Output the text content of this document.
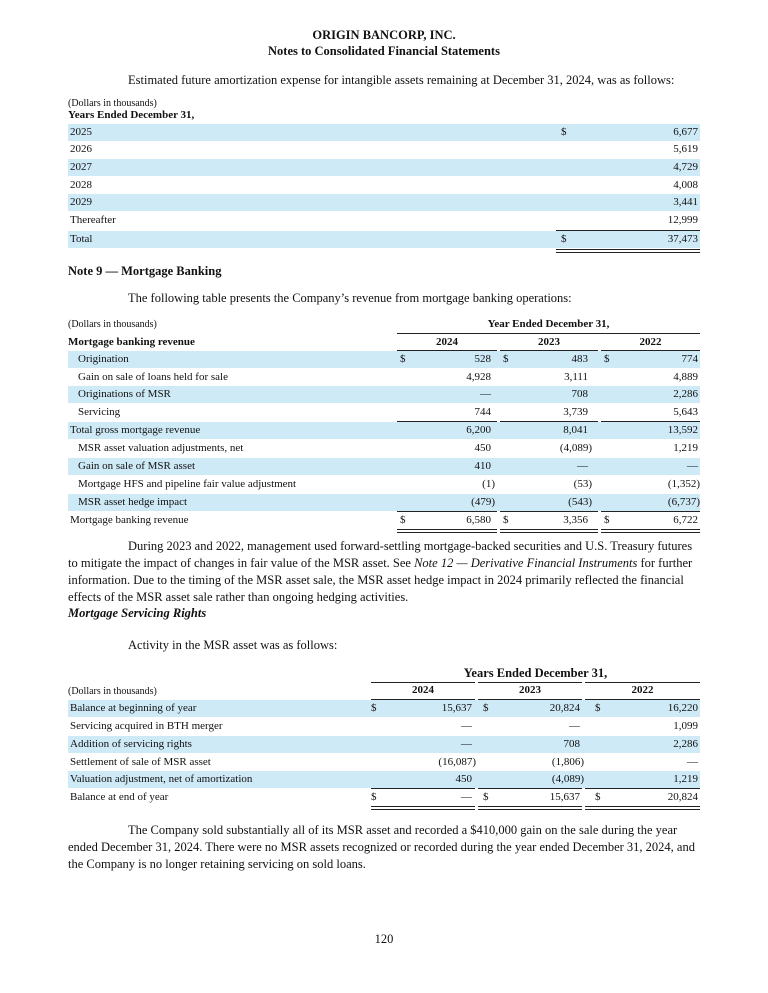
ORIGIN BANCORP, INC.
Notes to Consolidated Financial Statements
Estimated future amortization expense for intangible assets remaining at December 31, 2024, was as follows:
(Dollars in thousands)
Years Ended December 31,
2025	$	6,677
2026	5,619
2027	4,729
2028	4,008
2029	3,441
Thereafter	12,999
Total	$	37,473
Note 9 — Mortgage Banking
The following table presents the Company’s revenue from mortgage banking operations:
(Dollars in thousands)	Year Ended December 31,
Mortgage banking revenue	2024	2023	2022
Origination	$	528 $	483 $	774
Gain on sale of loans held for sale	4,928	3,111	4,889
Originations of MSR	—	708	2,286
Servicing	744	3,739	5,643
Total gross mortgage revenue	6,200	8,041	13,592
MSR asset valuation adjustments, net	450	(4,089)	1,219
Gain on sale of MSR asset	410	—	—
Mortgage HFS and pipeline fair value adjustment	(1)	(53)	(1,352)
MSR asset hedge impact	(479)	(543)	(6,737)
Mortgage banking revenue	$	6,580 $	3,356 $	6,722
During 2023 and 2022, management used forward-settling mortgage-backed securities and U.S. Treasury futures to mitigate the impact of changes in fair value of the MSR asset. See Note 12 — Derivative Financial Instruments for further information. Due to the timing of the MSR asset sale, the MSR asset hedge impact in 2024 primarily reflected the financial effects of the MSR asset sale rather than ongoing hedging activities.
Mortgage Servicing Rights
Activity in the MSR asset was as follows:
Years Ended December 31,
(Dollars in thousands)	2024	2023	2022
Balance at beginning of year	$	15,637 $	20,824 $	16,220
Servicing acquired in BTH merger	—	—	1,099
Addition of servicing rights	—	708	2,286
Settlement of sale of MSR asset	(16,087)	(1,806)	—
Valuation adjustment, net of amortization	450	(4,089)	1,219
Balance at end of year	$	— $	15,637 $	20,824
The Company sold substantially all of its MSR asset and recorded a $410,000 gain on the sale during the year ended December 31, 2024. There were no MSR assets recognized or recorded during the year ended December 31, 2024, and the Company is no longer retaining servicing on sold loans.
120
